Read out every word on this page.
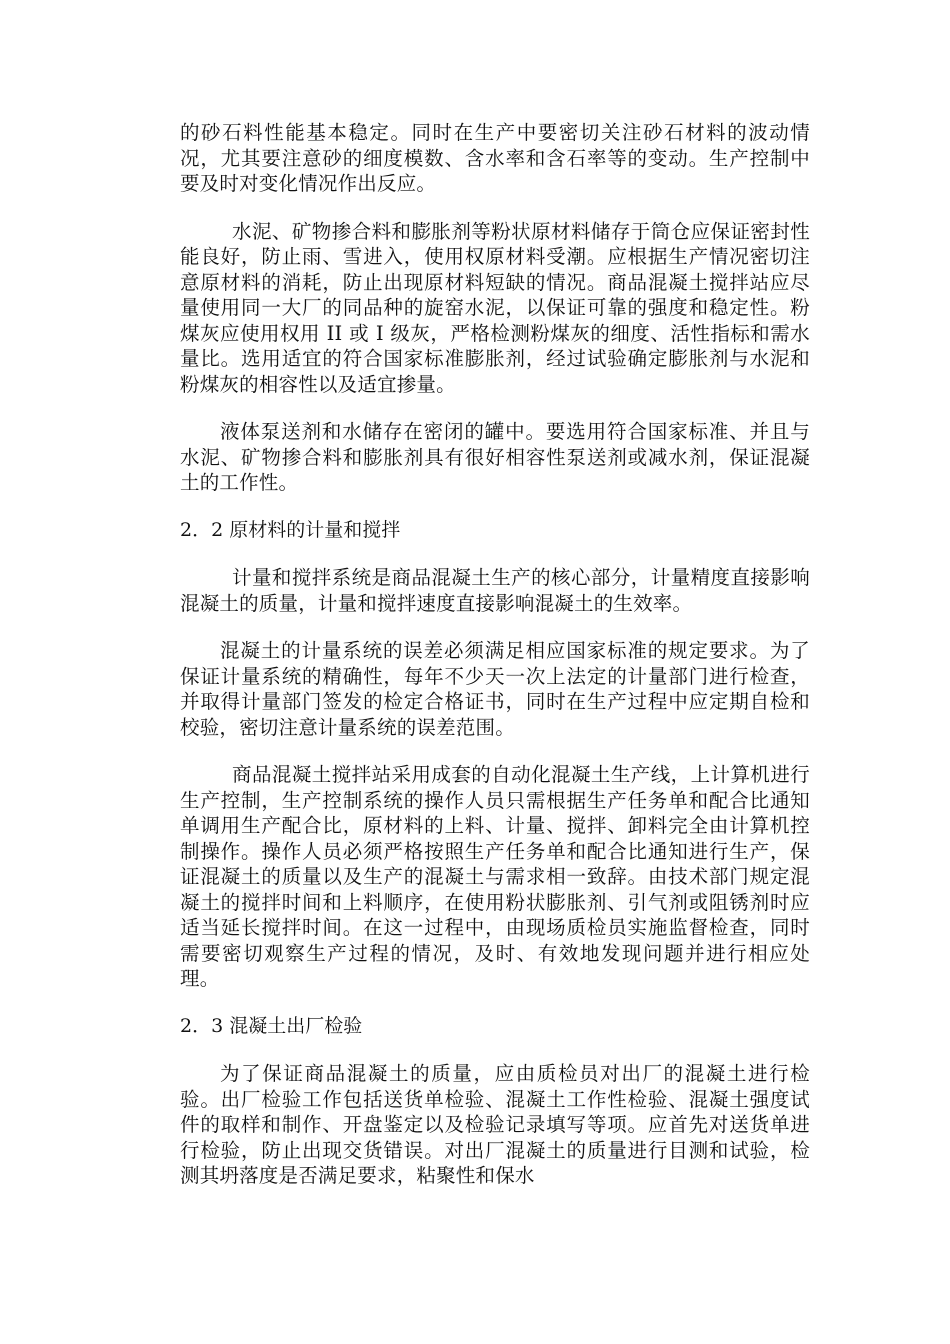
的砂石料性能基本稳定。同时在生产中要密切关注砂石材料的波动情况，尤其要注意砂的细度模数、含水率和含石率等的变动。生产控制中要及时对变化情况作出反应。

水泥、矿物掺合料和膨胀剂等粉状原材料储存于筒仓应保证密封性能良好，防止雨、雪进入，使用权原材料受潮。应根据生产情况密切注意原材料的消耗，防止出现原材料短缺的情况。商品混凝土搅拌站应尽量使用同一大厂的同品种的旋窑水泥，以保证可靠的强度和稳定性。粉煤灰应使用权用 II 或 I 级灰，严格检测粉煤灰的细度、活性指标和需水量比。选用适宜的符合国家标准膨胀剂，经过试验确定膨胀剂与水泥和粉煤灰的相容性以及适宜掺量。

液体泵送剂和水储存在密闭的罐中。要选用符合国家标准、并且与水泥、矿物掺合料和膨胀剂具有很好相容性泵送剂或减水剂，保证混凝土的工作性。

2．2 原材料的计量和搅拌

计量和搅拌系统是商品混凝土生产的核心部分，计量精度直接影响混凝土的质量，计量和搅拌速度直接影响混凝土的生效率。

混凝土的计量系统的误差必须满足相应国家标准的规定要求。为了保证计量系统的精确性，每年不少天一次上法定的计量部门进行检查，并取得计量部门签发的检定合格证书，同时在生产过程中应定期自检和校验，密切注意计量系统的误差范围。

商品混凝土搅拌站采用成套的自动化混凝土生产线，上计算机进行生产控制，生产控制系统的操作人员只需根据生产任务单和配合比通知单调用生产配合比，原材料的上料、计量、搅拌、卸料完全由计算机控制操作。操作人员必须严格按照生产任务单和配合比通知进行生产，保证混凝土的质量以及生产的混凝土与需求相一致辞。由技术部门规定混凝土的搅拌时间和上料顺序，在使用粉状膨胀剂、引气剂或阻锈剂时应适当延长搅拌时间。在这一过程中，由现场质检员实施监督检查，同时需要密切观察生产过程的情况，及时、有效地发现问题并进行相应处理。

2．3 混凝土出厂检验

为了保证商品混凝土的质量，应由质检员对出厂的混凝土进行检验。出厂检验工作包括送货单检验、混凝土工作性检验、混凝土强度试件的取样和制作、开盘鉴定以及检验记录填写等项。应首先对送货单进行检验，防止出现交货错误。对出厂混凝土的质量进行目测和试验，检测其坍落度是否满足要求，粘聚性和保水
